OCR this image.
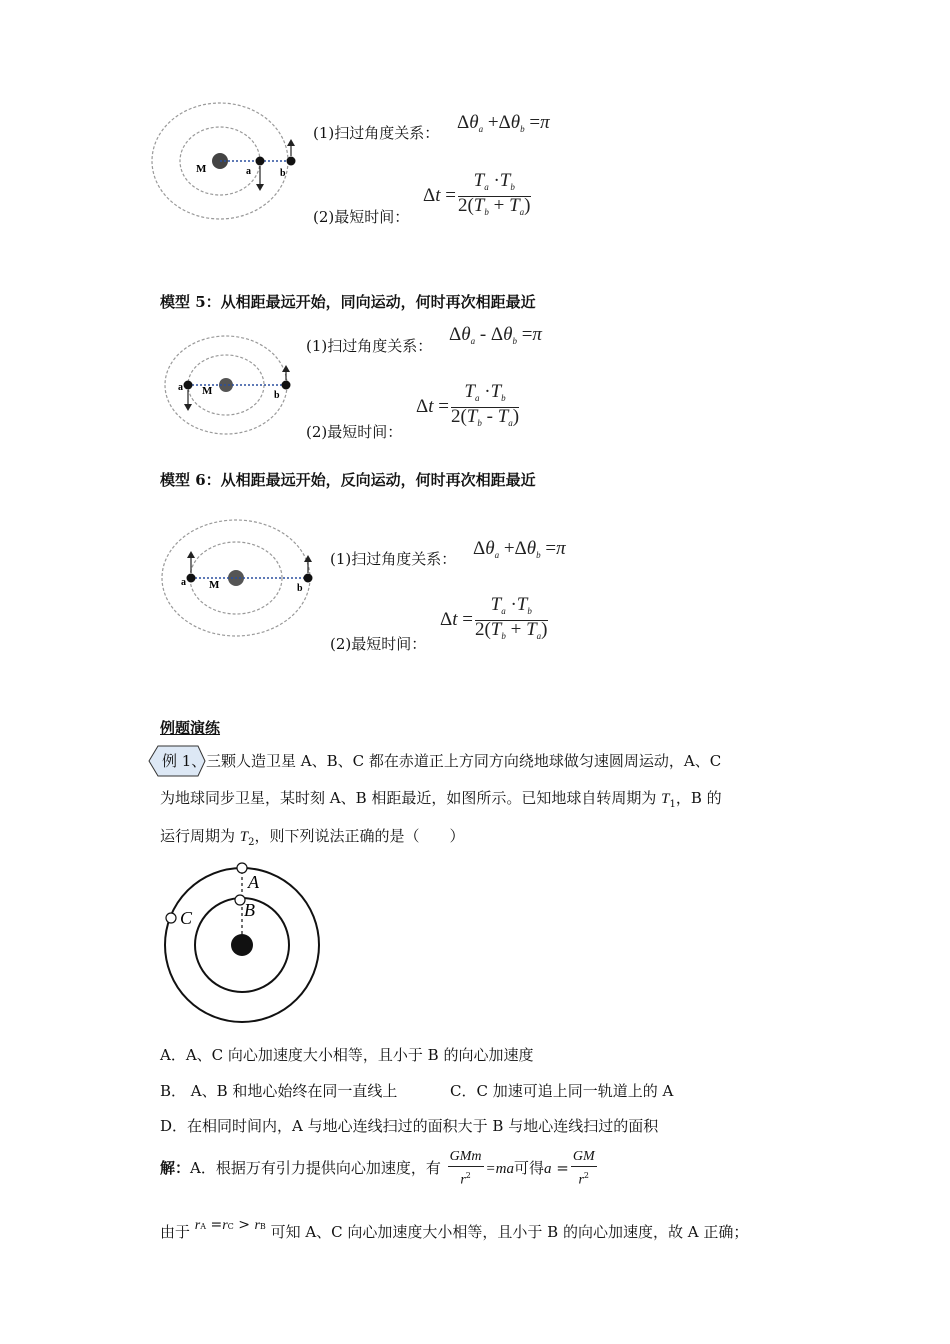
M	a	b
(1)扫过角度关系： $\Delta\theta_a +\Delta\theta_b =\pi$
(2)最短时间：
$\Delta t = \frac{T_a \cdot T_b}{2(T_b + T_a)}$
模型 5：从相距最远开始，同向运动，何时再次相距最近
M
a
b
(1)扫过角度关系：
$\Delta\theta_a - \Delta\theta_b =\pi$
(2)最短时间：
$\Delta t = \frac{T_a \cdot T_b}{2(T_b - T_a)}$
模型 6：从相距最远开始，反向运动，何时再次相距最近
M
a
b
(1)扫过角度关系： $\Delta\theta_a +\Delta\theta_b =\pi$
(2)最短时间：
$\Delta t = \frac{T_a \cdot T_b}{2(T_b + T_a)}$
例题演练
例 1、 三颗人造卫星 A、B、C 都在赤道正上方同方向绕地球做匀速圆周运动，A、C
为地球同步卫星，某时刻 A、B 相距最近，如图所示。已知地球自转周期为 $T_1$，B 的
运行周期为 $T_2$，则下列说法正确的是（　　）
A
B
C
A．A、C 向心加速度大小相等，且小于 B 的向心加速度
B． A、B 和地心始终在同一直线上	C．C 加速可追上同一轨道上的 A
D．在相同时间内，A 与地心连线扫过的面积大于 B 与地心连线扫过的面积
解：A．根据万有引力提供向心加速度，有 $\frac{\text{GMm}}{r^2} =ma$可得$a = \frac{GM}{r^2}$
由于 rA =rC > rB 可知 A、C 向心加速度大小相等，且小于 B 的向心加速度，故 A 正确；
